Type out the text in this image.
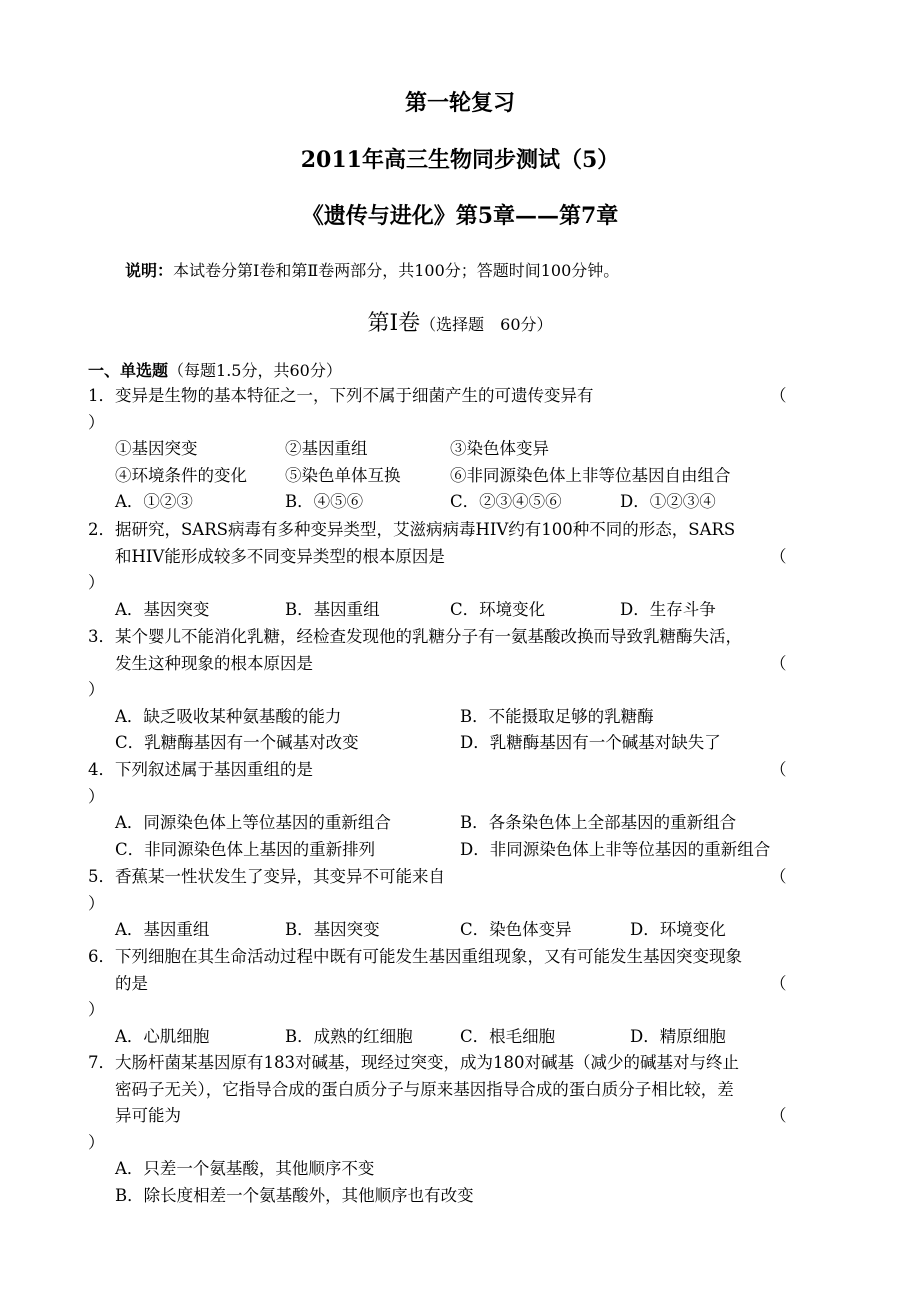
第一轮复习
2011年高三生物同步测试（5）
《遗传与进化》第5章——第7章
说明：本试卷分第Ⅰ卷和第Ⅱ卷两部分，共100分；答题时间100分钟。
第Ⅰ卷（选择题　60分）
一、单选题（每题1.5分，共60分）
1． 变异是生物的基本特征之一，下列不属于细菌产生的可遗传变异有	（
）
①基因突变	②基因重组	③染色体变异
④环境条件的变化 ⑤染色单体互换	⑥非同源染色体上非等位基因自由组合
A．①②③	B．④⑤⑥	C．②③④⑤⑥	D．①②③④
2． 据研究，SARS病毒有多种变异类型，艾滋病病毒HIV约有100种不同的形态，SARS
和HIV能形成较多不同变异类型的根本原因是	（
）
A．基因突变	B．基因重组	C．环境变化	D．生存斗争
3． 某个婴儿不能消化乳糖，经检查发现他的乳糖分子有一氨基酸改换而导致乳糖酶失活，
发生这种现象的根本原因是	（
）
A．缺乏吸收某种氨基酸的能力	B．不能摄取足够的乳糖酶
C．乳糖酶基因有一个碱基对改变	D．乳糖酶基因有一个碱基对缺失了
4． 下列叙述属于基因重组的是	（
）
A．同源染色体上等位基因的重新组合	B．各条染色体上全部基因的重新组合
C．非同源染色体上基因的重新排列	D．非同源染色体上非等位基因的重新组合
5． 香蕉某一性状发生了变异，其变异不可能来自	（
）
A．基因重组	B．基因突变	C．染色体变异	D．环境变化
6． 下列细胞在其生命活动过程中既有可能发生基因重组现象，又有可能发生基因突变现象
的是	（
）
A．心肌细胞	B．成熟的红细胞	C．根毛细胞	D．精原细胞
7． 大肠杆菌某基因原有183对碱基，现经过突变，成为180对碱基（减少的碱基对与终止
密码子无关），它指导合成的蛋白质分子与原来基因指导合成的蛋白质分子相比较，差
异可能为	（
）
A．只差一个氨基酸，其他顺序不变
B．除长度相差一个氨基酸外，其他顺序也有改变
